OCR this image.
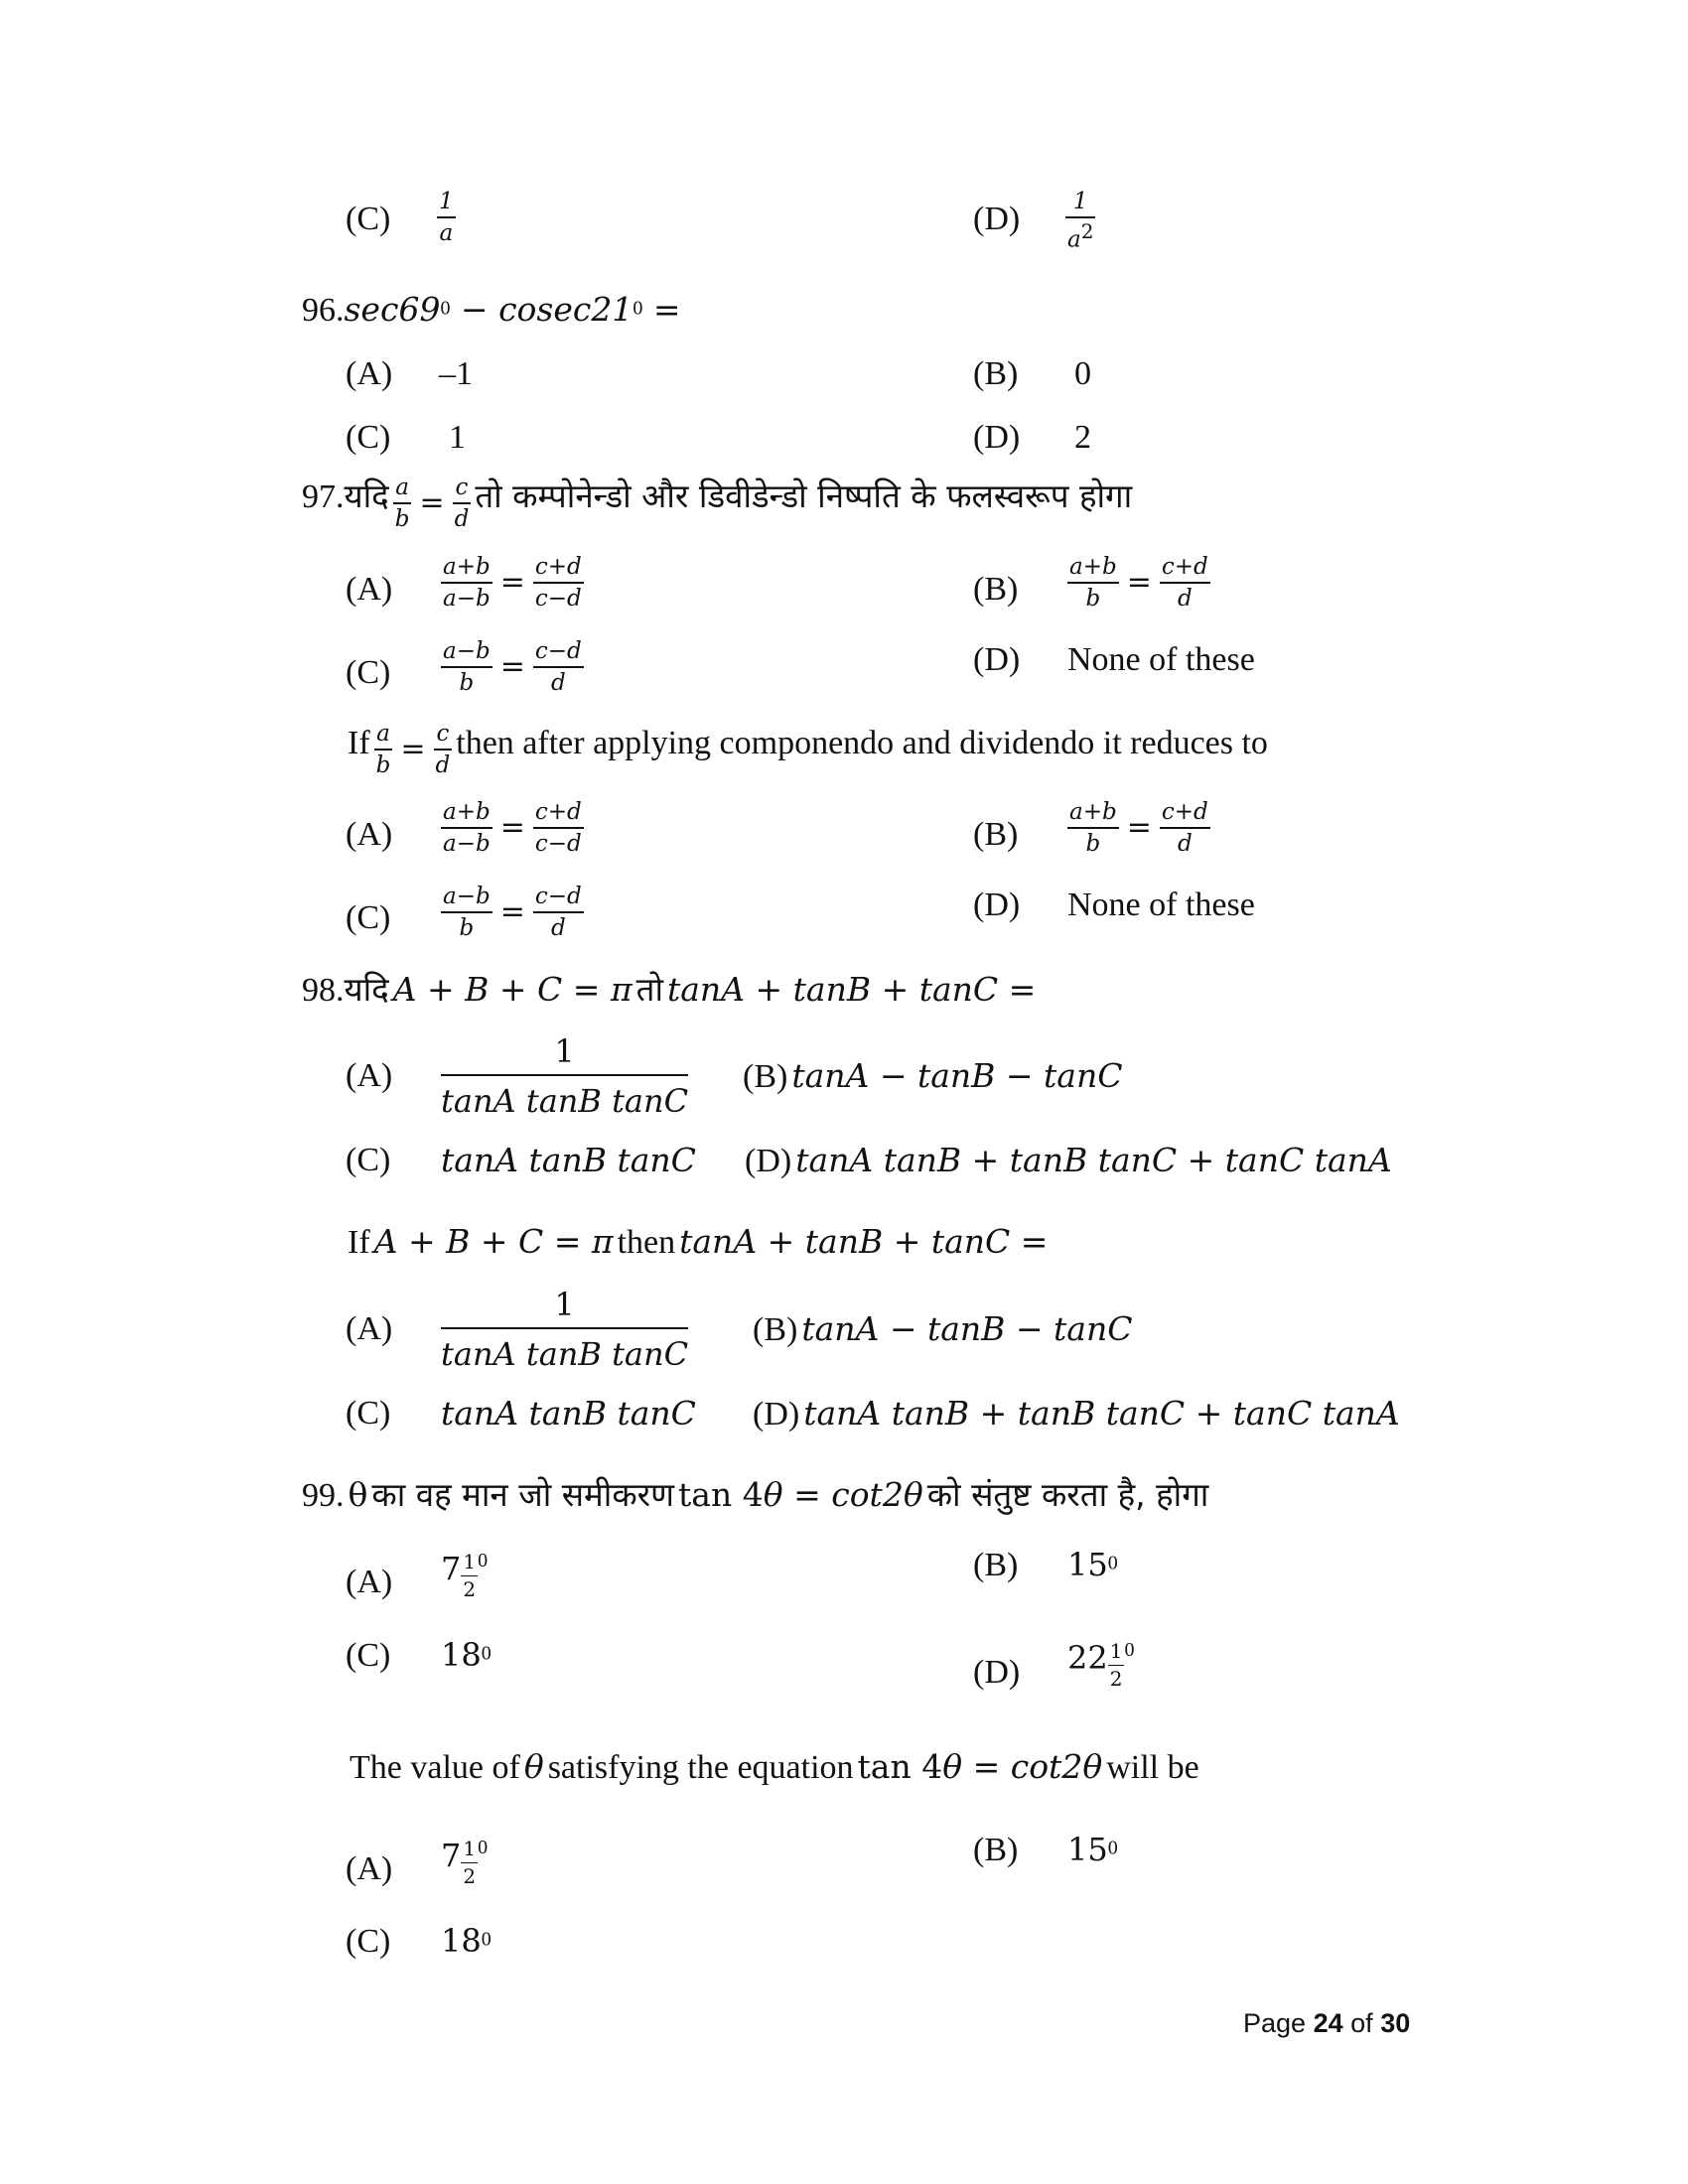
$(C) \frac{1}{a}$	$(D) \frac{1}{a2}$
96.sec690 − cosec210 =
(A) –1	(B) 0
(C) 1	(D) 2
97.यदि $\frac{a}{b} = \frac{c}{d}$ तो कम्पोनेन्डो और डिवीडेन्डो निष्पति के फलस्वरूप होगा
$(A) \frac{a+b}{a-b} = \frac{c+d}{c-d}$	$(B) \frac{a+b}{b} = \frac{c+d}{d}$
$(C) \frac{a-b}{b} = \frac{c-d}{d}$	(D) None of these
If $\frac{a}{b} = \frac{c}{d}$ then after applying componendo and dividendo it reduces to
$(A) \frac{a+b}{a-b} = \frac{c+d}{c-d}$	$(B) \frac{a+b}{b} = \frac{c+d}{d}$
$(C) \frac{a-b}{b} = \frac{c-d}{d}$	(D) None of these
98.यदि A + B + C = π तो tanA + tanB + tanC =
$(A) \frac{1}{\text{tanA tanB tanC}} (B) \tan A - \tan B - \tan C$
(C) tanA tanB tanC (D) tanA tanB + tanB tanC + tanC tanA
If A + B + C = π then tanA + tanB + tanC =
$(A) \frac{1}{\text{tanA tanB tanC}} (B) \tan A - \tan B - \tan C$
(C) tanA tanB tanC (D) tanA tanB + tanB tanC + tanC tanA
99. θ का वह मान जो समीकरण tan 4θ = cot2θ को संतुष्ट करता है, होगा
(A) $7 \frac{1}{2} 0$	(B) 150
(C) 180
(D) $22 \frac{1}{2} 0$
The value of θ satisfying the equation tan 4θ = cot2θ will be
(A) $7 \frac{1}{2} 0$	(B) 150
(C) 180
Page 24 of 30
